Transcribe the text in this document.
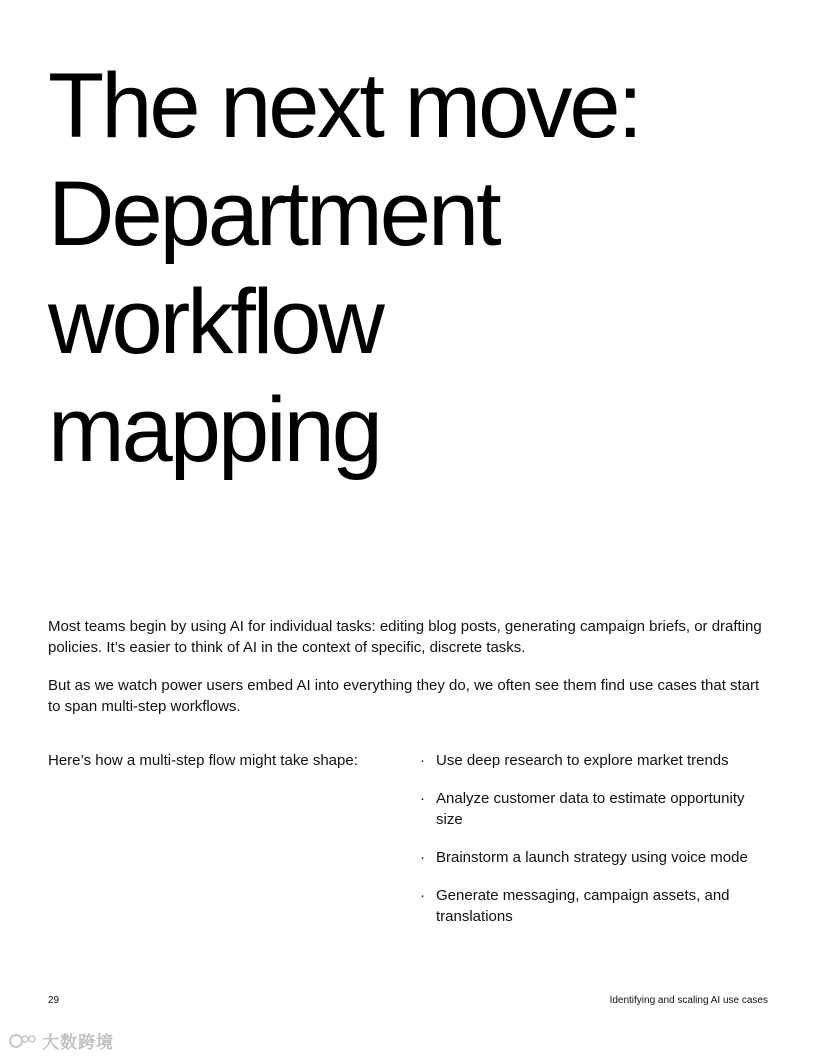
The next move:
Department
workflow
mapping

Most teams begin by using AI for individual tasks: editing blog posts, generating campaign briefs, or drafting policies. It’s easier to think of AI in the context of specific, discrete tasks.

But as we watch power users embed AI into everything they do, we often see them find use cases that start to span multi-step workflows.

Here’s how a multi-step flow might take shape:	· Use deep research to explore market trends
· Analyze customer data to estimate opportunity size
· Brainstorm a launch strategy using voice mode
· Generate messaging, campaign assets, and translations
29	Identifying and scaling AI use cases
大数跨境
